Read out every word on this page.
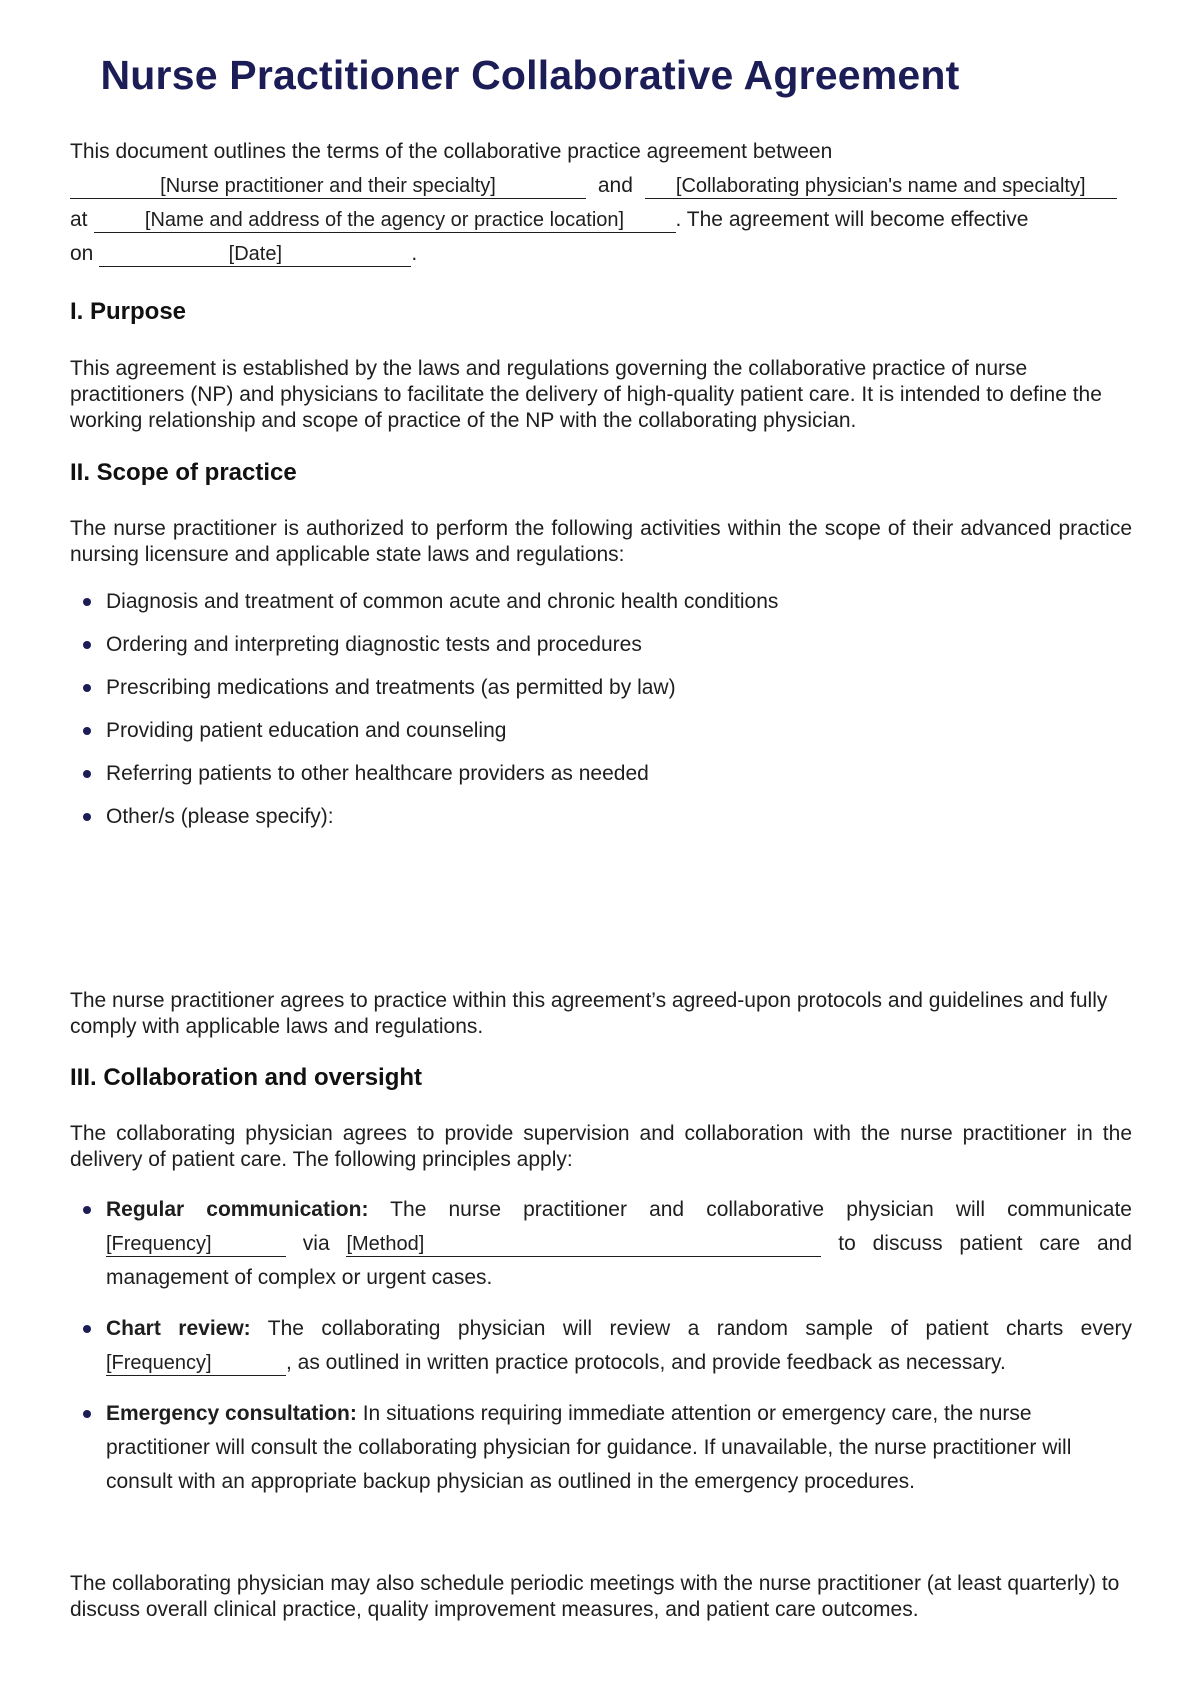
Nurse Practitioner Collaborative Agreement
This document outlines the terms of the collaborative practice agreement between
[Nurse practitioner and their specialty]	and [Collaborating physician's name and specialty]
at	[Name and address of the agency or practice location] . The agreement will become effective
on	[Date]	.
I. Purpose

This agreement is established by the laws and regulations governing the collaborative practice of nurse practitioners (NP) and physicians to facilitate the delivery of high-quality patient care. It is intended to define the working relationship and scope of practice of the NP with the collaborating physician.

II. Scope of practice

The nurse practitioner is authorized to perform the following activities within the scope of their advanced practice nursing licensure and applicable state laws and regulations:

Diagnosis and treatment of common acute and chronic health conditions
Ordering and interpreting diagnostic tests and procedures
Prescribing medications and treatments (as permitted by law)
Providing patient education and counseling
Referring patients to other healthcare providers as needed
Other/s (please specify):

The nurse practitioner agrees to practice within this agreement’s agreed-upon protocols and guidelines and fully comply with applicable laws and regulations.

III. Collaboration and oversight

The collaborating physician agrees to provide supervision and collaboration with the nurse practitioner in the delivery of patient care. The following principles apply:

Regular communication: The nurse practitioner and collaborative physician will communicate [Frequency]	via [Method]	to discuss patient care and management of complex or urgent cases.
Chart review: The collaborating physician will review a random sample of patient charts every [Frequency]	, as outlined in written practice protocols, and provide feedback as necessary.
Emergency consultation: In situations requiring immediate attention or emergency care, the nurse practitioner will consult the collaborating physician for guidance. If unavailable, the nurse practitioner will consult with an appropriate backup physician as outlined in the emergency procedures.

The collaborating physician may also schedule periodic meetings with the nurse practitioner (at least quarterly) to discuss overall clinical practice, quality improvement measures, and patient care outcomes.
